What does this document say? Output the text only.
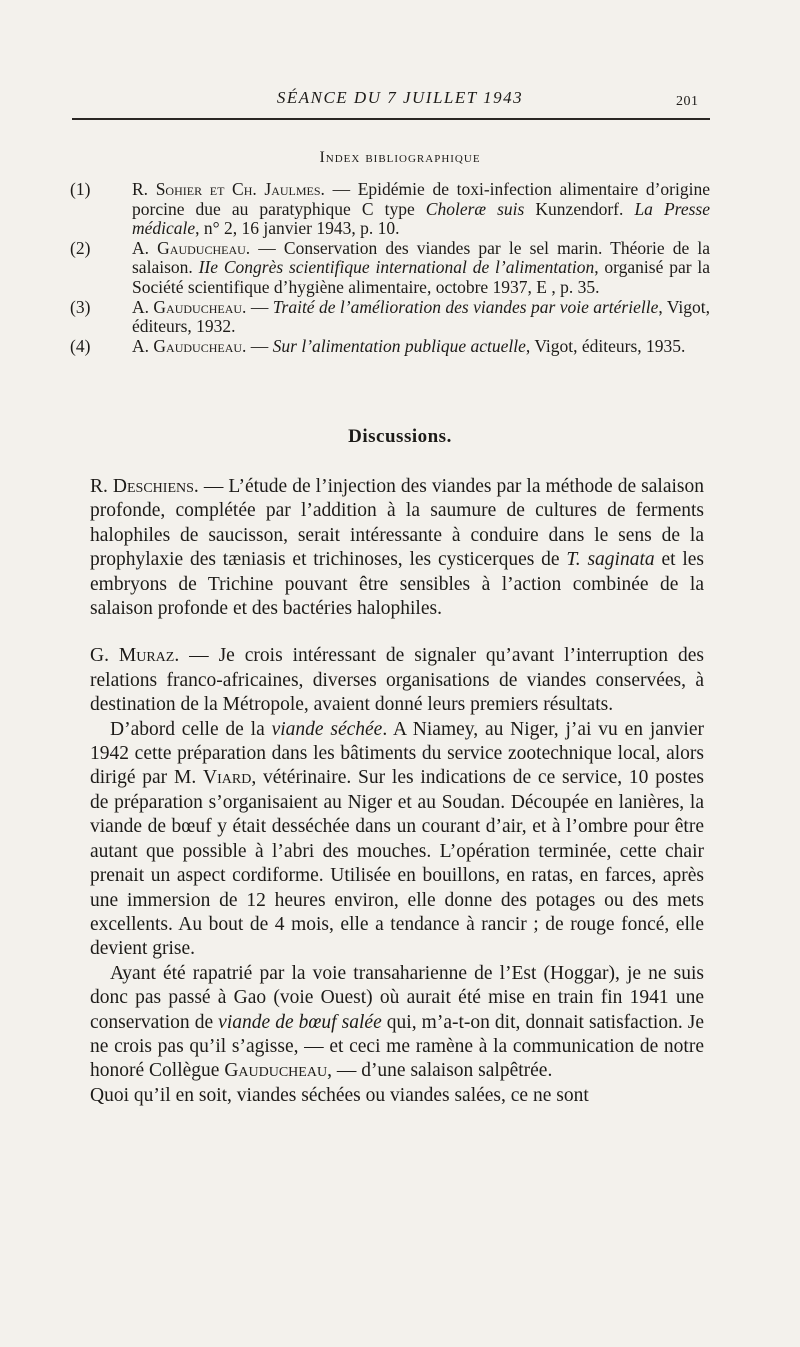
SÉANCE DU 7 JUILLET 1943	201
Index bibliographique
(1)	R. Sohier et Ch. Jaulmes. — Epidémie de toxi-infection alimentaire d’origine porcine due au paratyphique C type Choleræ suis Kunzendorf. La Presse médicale, n° 2, 16 janvier 1943, p. 10.
(2)	A. Gauducheau. — Conservation des viandes par le sel marin. Théorie de la salaison. IIe Congrès scientifique international de l’alimentation, organisé par la Société scientifique d’hygiène alimentaire, octobre 1937, E , p. 35.
(3)	A. Gauducheau. — Traité de l’amélioration des viandes par voie artérielle, Vigot, éditeurs, 1932.
(4)	A. Gauducheau. — Sur l’alimentation publique actuelle, Vigot, éditeurs, 1935.
Discussions.

R. Deschiens. — L’étude de l’injection des viandes par la méthode de salaison profonde, complétée par l’addition à la saumure de cultures de ferments halophiles de saucisson, serait intéressante à conduire dans le sens de la prophylaxie des tæniasis et trichinoses, les cysticerques de T. saginata et les embryons de Trichine pouvant être sensibles à l’action combinée de la salaison profonde et des bactéries halophiles.

G. Muraz. — Je crois intéressant de signaler qu’avant l’interruption des relations franco-africaines, diverses organisations de viandes conservées, à destination de la Métropole, avaient donné leurs premiers résultats.

D’abord celle de la viande séchée. A Niamey, au Niger, j’ai vu en janvier 1942 cette préparation dans les bâtiments du service zootechnique local, alors dirigé par M. Viard, vétérinaire. Sur les indications de ce service, 10 postes de préparation s’organisaient au Niger et au Soudan. Découpée en lanières, la viande de bœuf y était desséchée dans un courant d’air, et à l’ombre pour être autant que possible à l’abri des mouches. L’opération terminée, cette chair prenait un aspect cordiforme. Utilisée en bouillons, en ratas, en farces, après une immersion de 12 heures environ, elle donne des potages ou des mets excellents. Au bout de 4 mois, elle a tendance à rancir ; de rouge foncé, elle devient grise.

Ayant été rapatrié par la voie transaharienne de l’Est (Hoggar), je ne suis donc pas passé à Gao (voie Ouest) où aurait été mise en train fin 1941 une conservation de viande de bœuf salée qui, m’a-t-on dit, donnait satisfaction. Je ne crois pas qu’il s’agisse, — et ceci me ramène à la communication de notre honoré Collègue Gauducheau, — d’une salaison salpêtrée.

Quoi qu’il en soit, viandes séchées ou viandes salées, ce ne sont
